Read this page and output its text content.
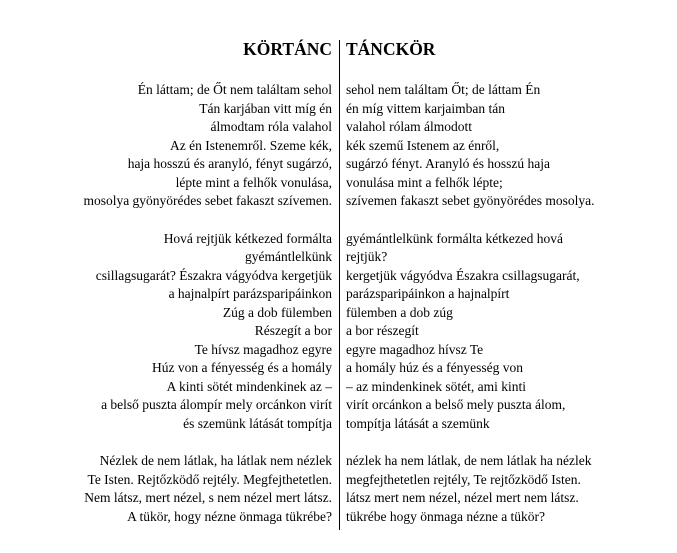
KÖRTÁNC
Én láttam; de Őt nem találtam sehol
Tán karjában vitt míg én
álmodtam róla valahol
Az én Istenemről. Szeme kék,
haja hosszú és aranyló, fényt sugárzó,
lépte mint a felhők vonulása,
mosolya gyönyörédes sebet fakaszt szívemen.
Hová rejtjük kétkezed formálta
gyémántlelkünk
csillagsugarát? Északra vágyódva kergetjük
a hajnalpírt parázsparipáinkon
Zúg a dob fülemben
Részegít a bor
Te hívsz magadhoz egyre
Húz von a fényesség és a homály
A kinti sötét mindenkinek az –
a belső puszta álompír mely orcánkon virít
és szemünk látását tompítja
Nézlek de nem látlak, ha látlak nem nézlek
Te Isten. Rejtőzködő rejtély. Megfejthetetlen.
Nem látsz, mert nézel, s nem nézel mert látsz.
A tükör, hogy nézne önmaga tükrébe?
TÁNCKÖR
sehol nem találtam Őt; de láttam Én
én míg vittem karjaimban tán
valahol rólam álmodott
kék szemű Istenem az énről,
sugárzó fényt. Aranyló és hosszú haja
vonulása mint a felhők lépte;
szívemen fakaszt sebet gyönyörédes mosolya.
gyémántlelkünk formálta kétkezed hová
rejtjük?
kergetjük vágyódva Északra csillagsugarát,
parázsparipáinkon a hajnalpírt
fülemben a dob zúg
a bor részegít
egyre magadhoz hívsz Te
a homály húz és a fényesség von
– az mindenkinek sötét, ami kinti
virít orcánkon a belső mely puszta álom,
tompítja látását a szemünk
nézlek ha nem látlak, de nem látlak ha nézlek
megfejthetetlen rejtély, Te rejtőzködő Isten.
látsz mert nem nézel, nézel mert nem látsz.
tükrébe hogy önmaga nézne a tükör?
